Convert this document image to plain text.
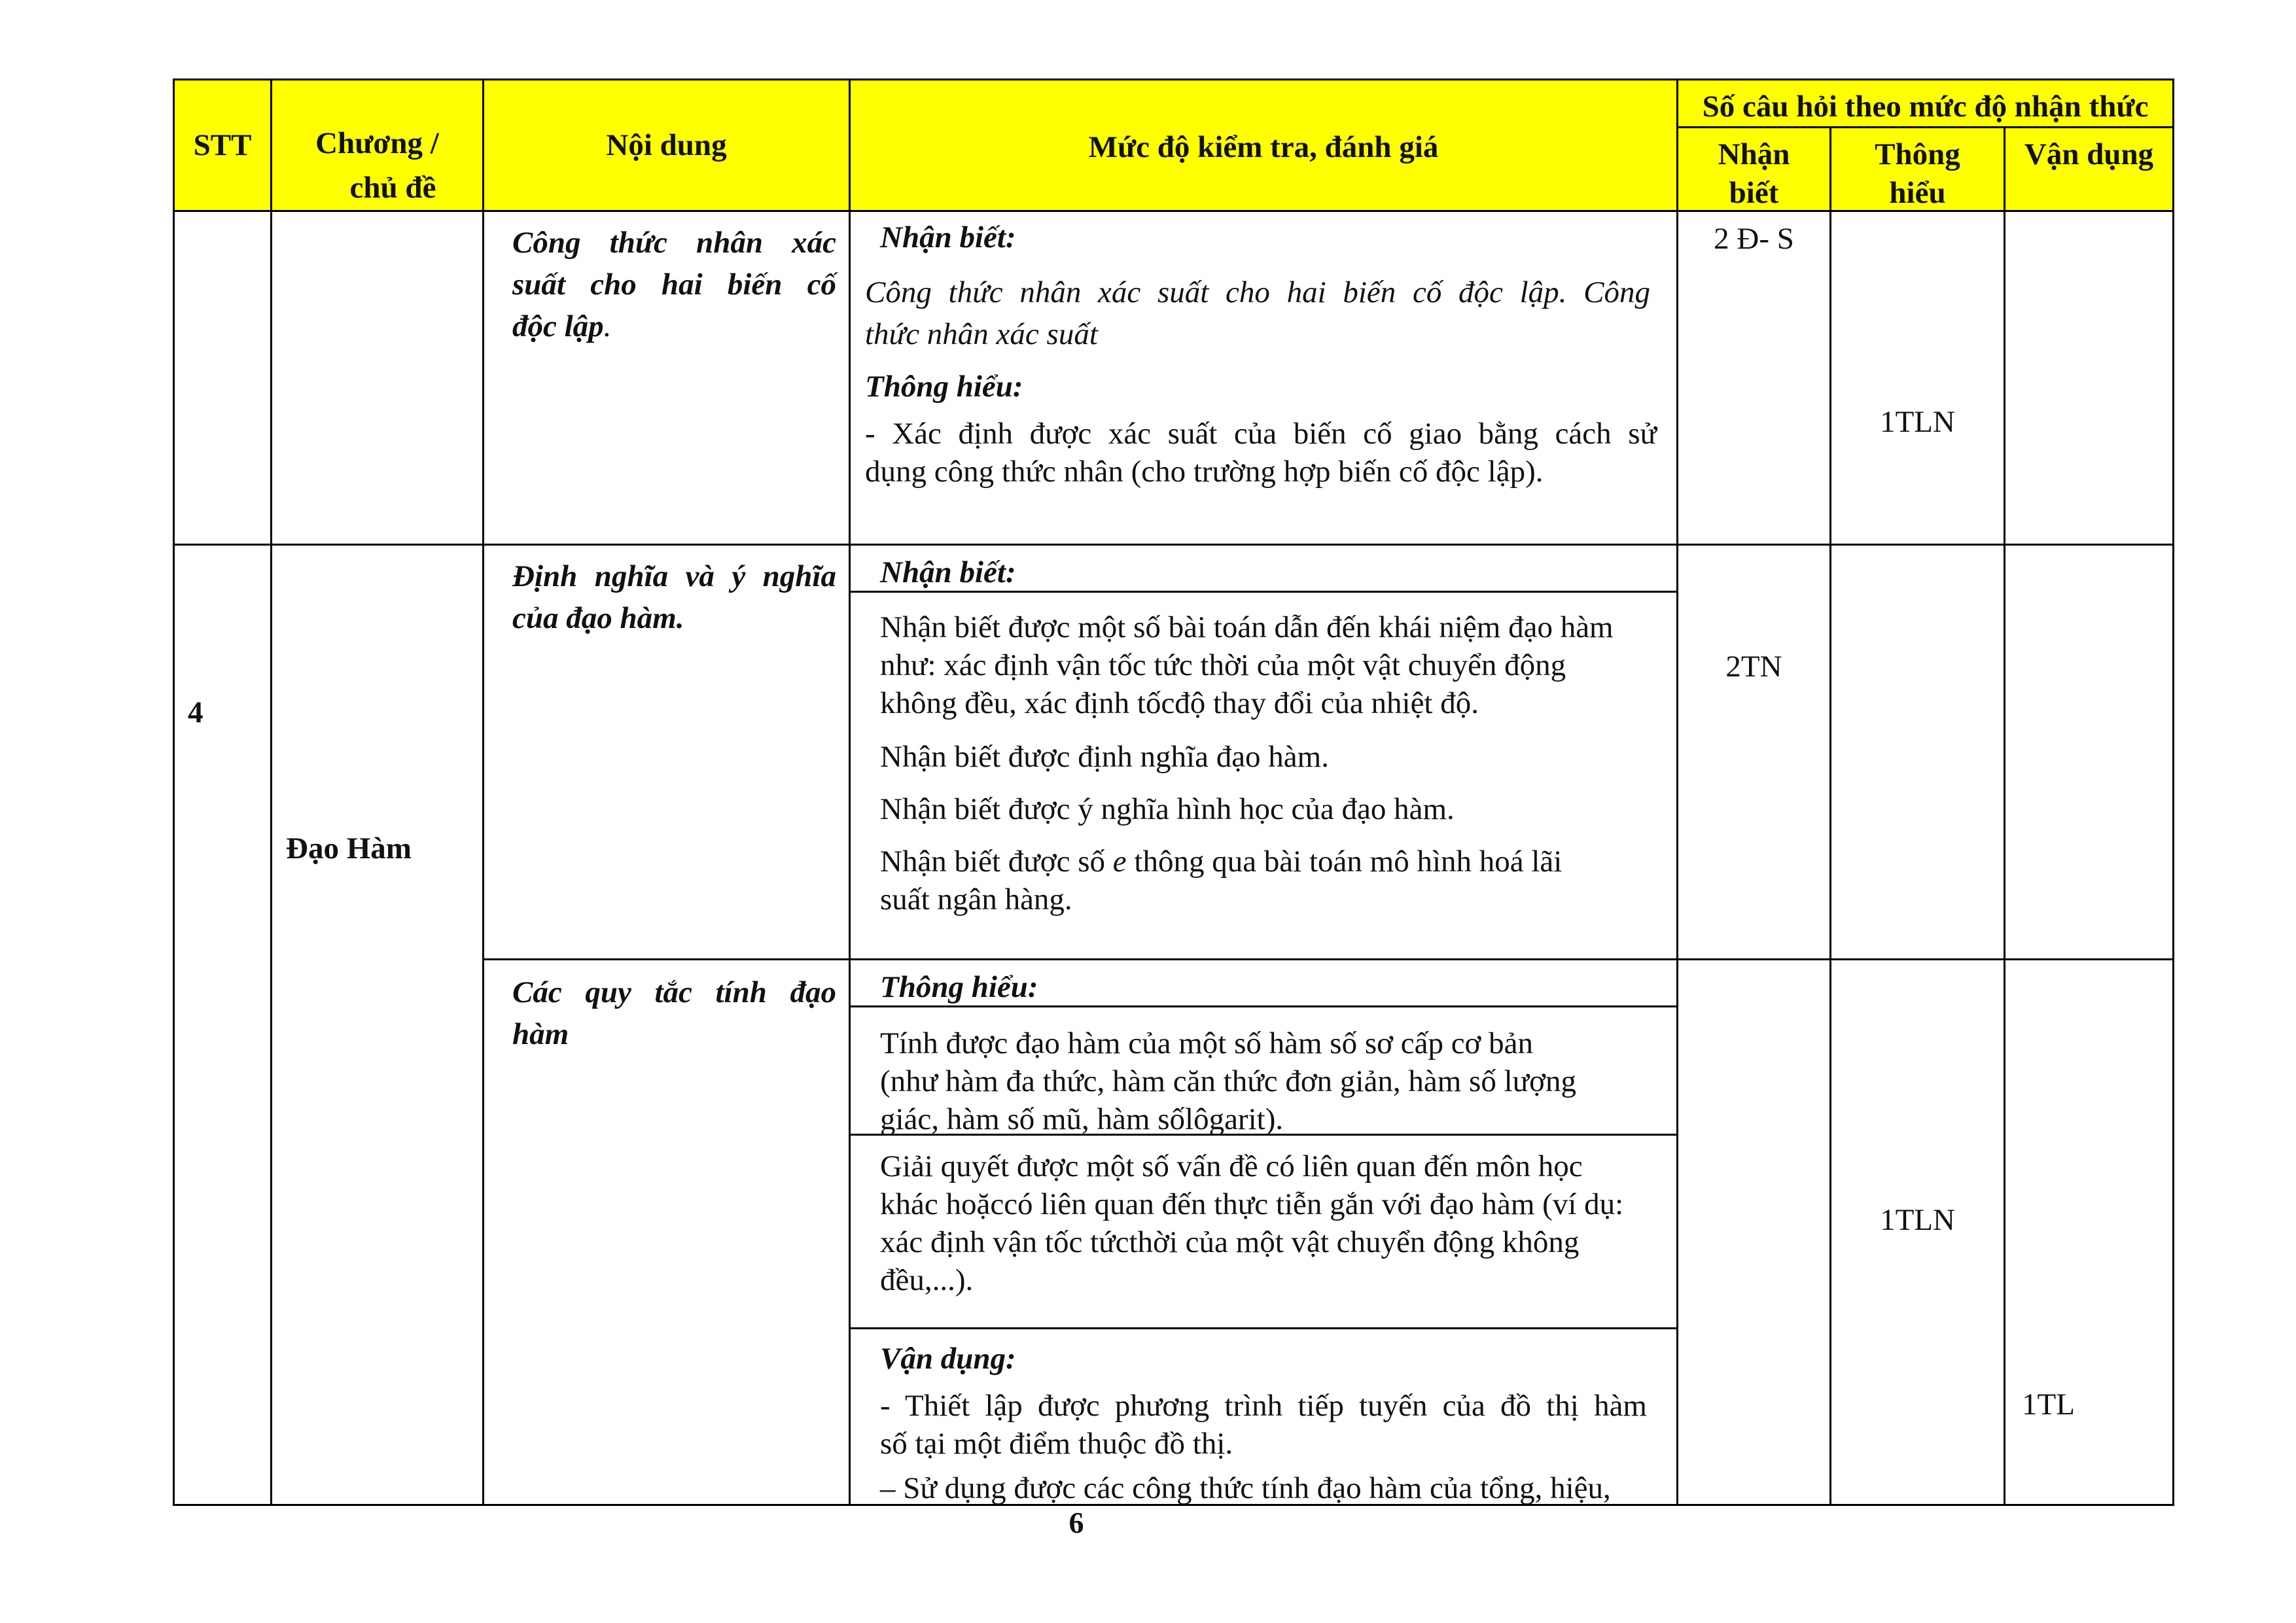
STT	Chương /
chủ đề
Nội dung	Mức độ kiểm tra, đánh giá
Số câu hỏi theo mức độ nhận thức
Nhận
biết
Thông
hiểu
Vận dụng
Công thức nhân xác
suất cho hai biến cố
độc lập.
Nhận biết:
Công thức nhân xác suất cho hai biến cố độc lập. Công
thức nhân xác suất
Thông hiểu:
- Xác định được xác suất của biến cố giao bằng cách sử
dụng công thức nhân (cho trường hợp biến cố độc lập).
2 Đ- S
1TLN
4
Đạo Hàm
Định nghĩa và ý nghĩa
của đạo hàm.
Nhận biết:
Nhận biết được một số bài toán dẫn đến khái niệm đạo hàm
như: xác định vận tốc tức thời của một vật chuyển động
không đều, xác định tốcđộ thay đổi của nhiệt độ.
Nhận biết được định nghĩa đạo hàm.
Nhận biết được ý nghĩa hình học của đạo hàm.
Nhận biết được số e thông qua bài toán mô hình hoá lãi
suất ngân hàng.
2TN
Các quy tắc tính đạo
hàm
Thông hiểu:
Tính được đạo hàm của một số hàm số sơ cấp cơ bản
(như hàm đa thức, hàm căn thức đơn giản, hàm số lượng
giác, hàm số mũ, hàm sốlôgarit).
Giải quyết được một số vấn đề có liên quan đến môn học
khác hoặccó liên quan đến thực tiễn gắn với đạo hàm (ví dụ:
xác định vận tốc tứcthời của một vật chuyển động không
đều,...).
Vận dụng:
- Thiết lập được phương trình tiếp tuyến của đồ thị hàm
số tại một điểm thuộc đồ thị.
– Sử dụng được các công thức tính đạo hàm của tổng, hiệu,
1TLN
1TL
6
